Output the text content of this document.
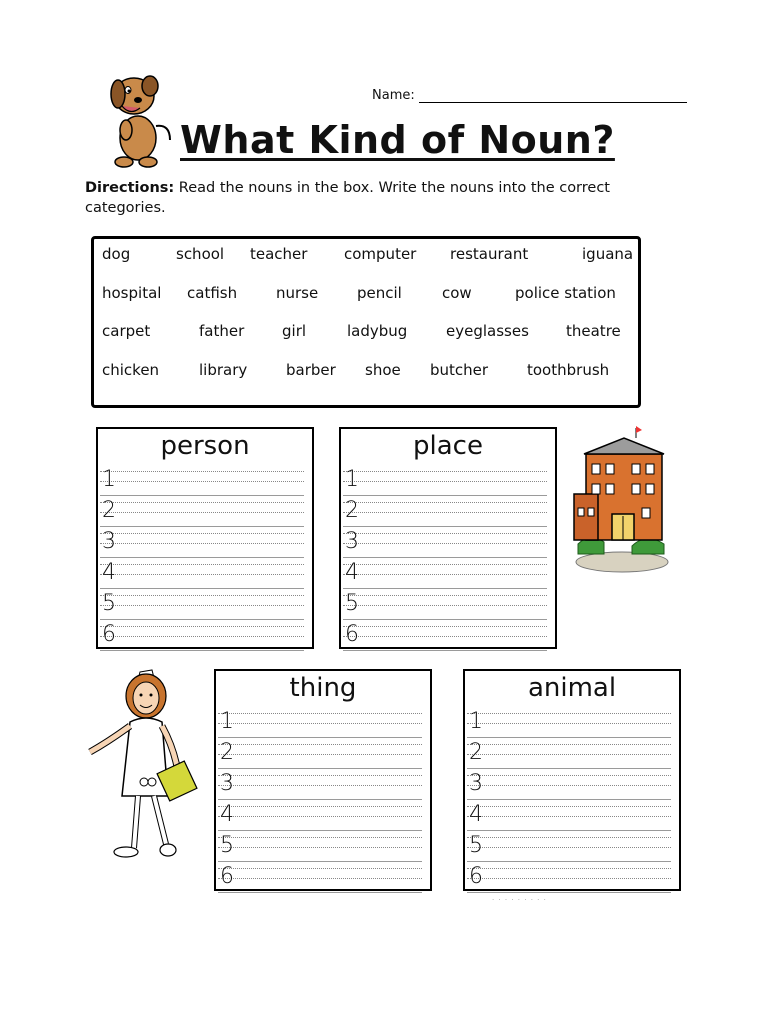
Name:
What Kind of Noun?
Directions: Read the nouns in the box. Write the nouns into the correct categories.
dog	school teacher computer restaurant	iguana
hospital catfish	nurse	pencil	cow	police station
carpet	father	girl	ladybug	eyeglasses theatre
chicken	library	barber shoe butcher	toothbrush
person
1
2
3
4
5
6
place
1
2
3
4
5
6
thing
1
2
3
4
5
6
animal
1
2
3
4
5
6
· · · · · · · · ·
